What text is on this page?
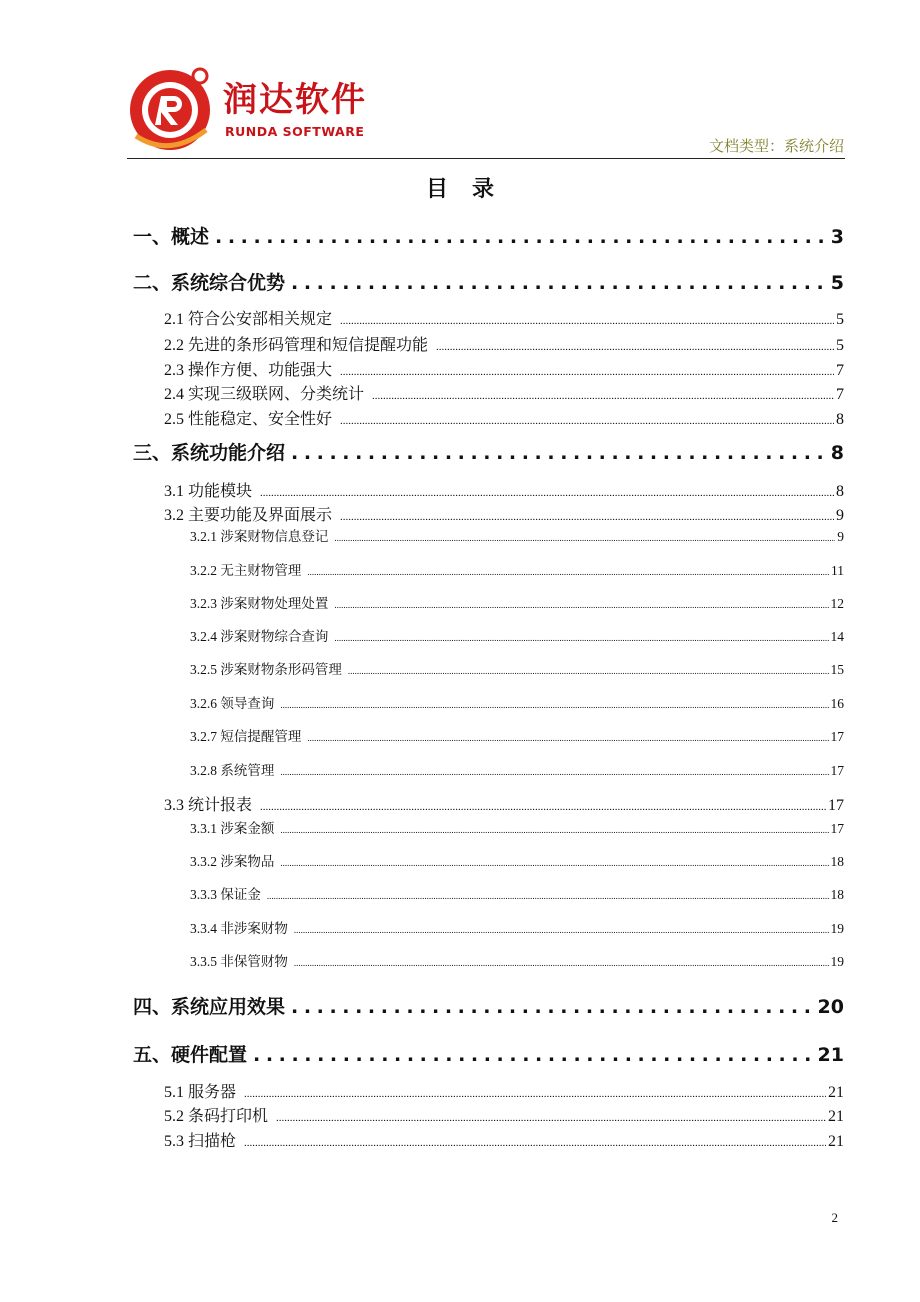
润达软件
RUNDA SOFTWARE
文档类型：系统介绍
目录
一、概述 .....	3
二、系统综合优势 .....	5
2.1 符合公安部相关规定 .....	5
2.2 先进的条形码管理和短信提醒功能 .....	5
2.3 操作方便、功能强大 .....	7
2.4 实现三级联网、分类统计 .....	7
2.5 性能稳定、安全性好 .....	8
三、系统功能介绍 .....	8
3.1 功能模块 .....	8
3.2 主要功能及界面展示 .....	9
3.2.1 涉案财物信息登记 .....	9
3.2.2 无主财物管理 .....	11
3.2.3 涉案财物处理处置 .....	12
3.2.4 涉案财物综合查询 .....	14
3.2.5 涉案财物条形码管理 .....	15
3.2.6 领导查询 .....	16
3.2.7 短信提醒管理 .....	17
3.2.8 系统管理 .....	17
3.3 统计报表 .....	17
3.3.1 涉案金额 .....	17
3.3.2 涉案物品 .....	18
3.3.3 保证金 .....	18
3.3.4 非涉案财物 .....	19
3.3.5 非保管财物 .....	19
四、系统应用效果 .....	20
五、硬件配置 .....	21
5.1 服务器 .....	21
5.2 条码打印机 .....	21
5.3 扫描枪 .....	21
2
